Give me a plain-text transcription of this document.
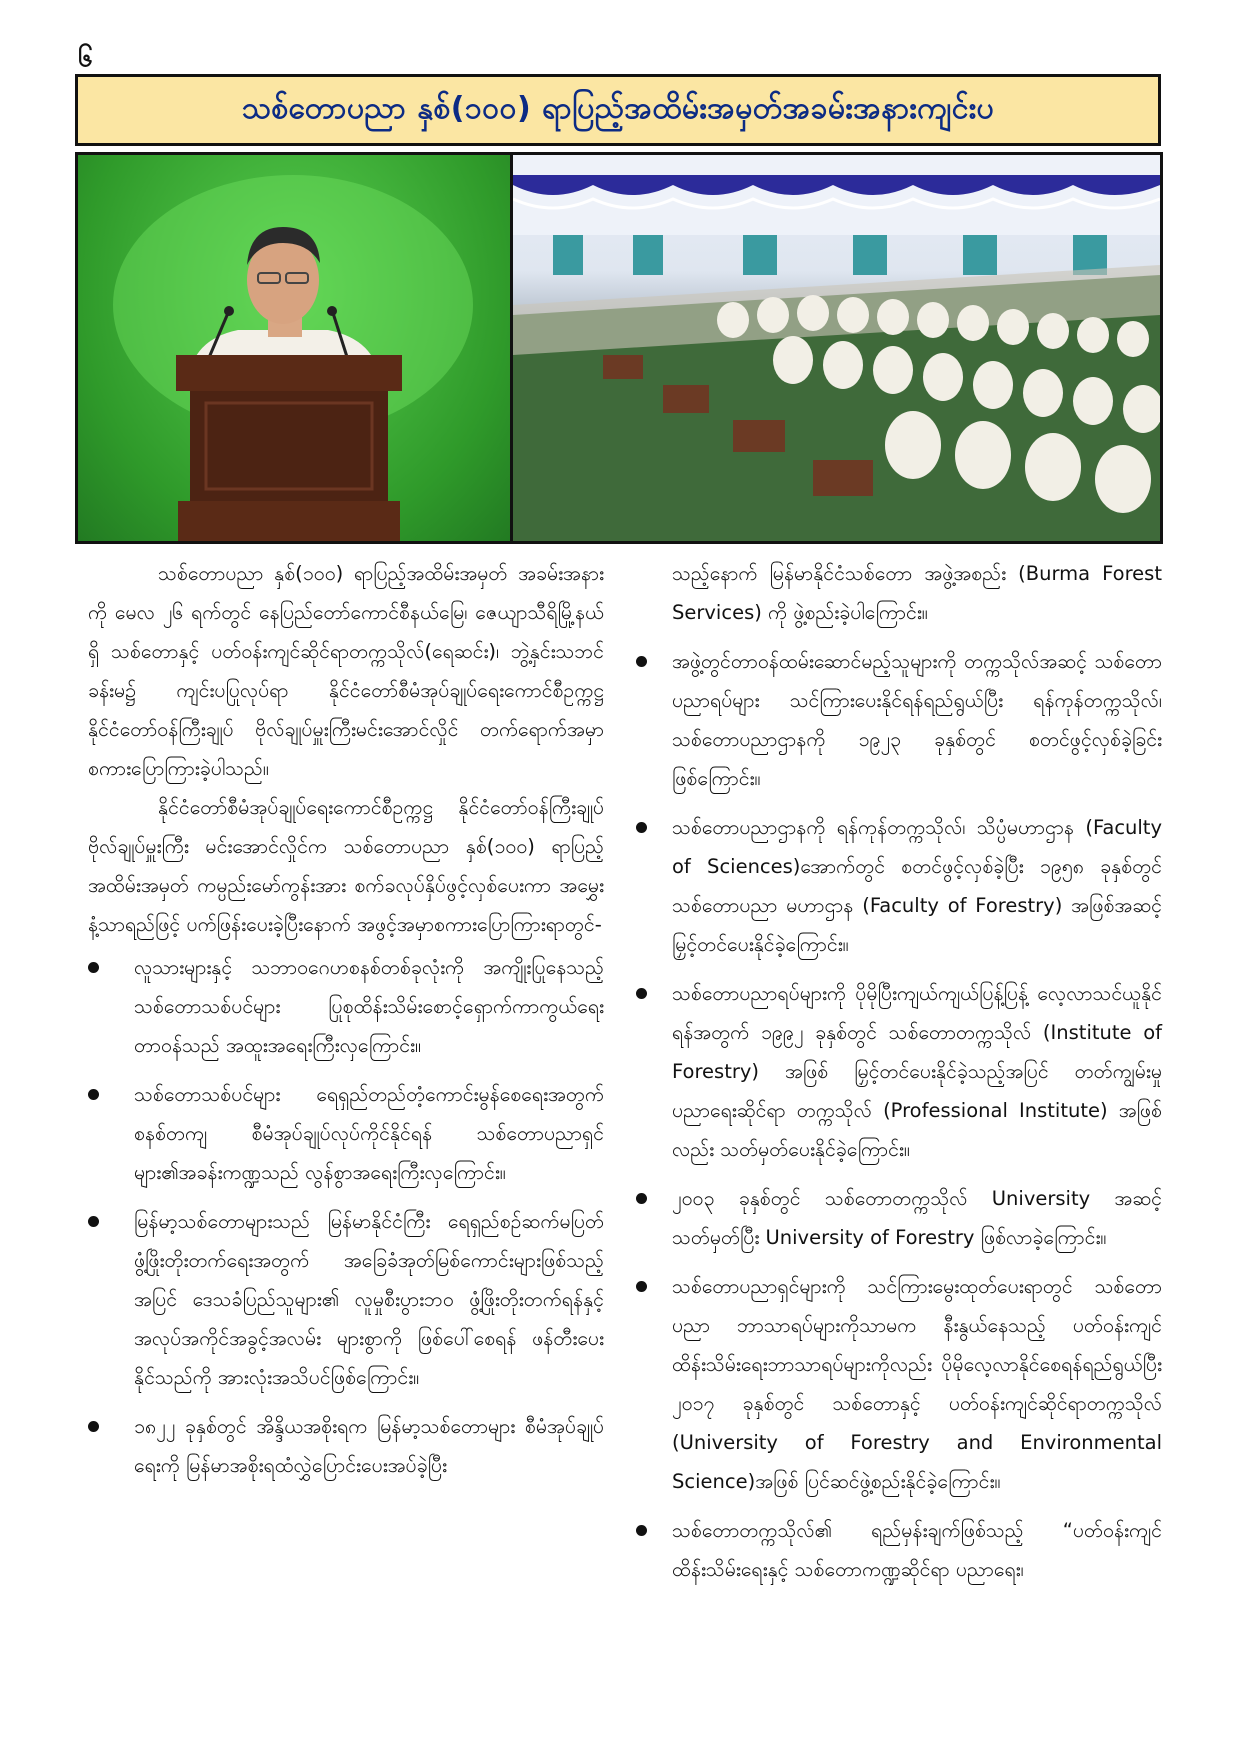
၆
သစ်တောပညာ နှစ်(၁၀၀) ရာပြည့်အထိမ်းအမှတ်အခမ်းအနားကျင်းပ

သစ်တောပညာ နှစ်(၁၀၀) ရာပြည့်အထိမ်းအမှတ် အခမ်းအနားကို မေလ ၂၆ ရက်တွင် နေပြည်တော်ကောင်စီနယ်မြေ၊ ဇေယျာသီရိမြို့နယ်ရှိ သစ်တောနှင့် ပတ်ဝန်းကျင်ဆိုင်ရာတက္ကသိုလ်(ရေဆင်း)၊ ဘွဲ့နှင်းသဘင်ခန်းမ၌ ကျင်းပပြုလုပ်ရာ နိုင်ငံတော်စီမံအုပ်ချုပ်ရေးကောင်စီဥက္ကဋ္ဌ နိုင်ငံတော်ဝန်ကြီးချုပ် ဗိုလ်ချုပ်မှူးကြီးမင်းအောင်လှိုင် တက်ရောက်အမှာစကားပြောကြားခဲ့ပါသည်။

နိုင်ငံတော်စီမံအုပ်ချုပ်ရေးကောင်စီဥက္ကဋ္ဌ နိုင်ငံတော်ဝန်ကြီးချုပ် ဗိုလ်ချုပ်မှူးကြီး မင်းအောင်လှိုင်က သစ်တောပညာ နှစ်(၁၀၀) ရာပြည့်အထိမ်းအမှတ် ကမ္ပည်းမော်ကွန်းအား စက်ခလုပ်နှိပ်ဖွင့်လှစ်ပေးကာ အမွှေးနံ့သာရည်ဖြင့် ပက်ဖြန်းပေးခဲ့ပြီးနောက် အဖွင့်အမှာစကားပြောကြားရာတွင်-

လူသားများနှင့် သဘာဝဂေဟစနစ်တစ်ခုလုံးကို အကျိုးပြုနေသည့် သစ်တောသစ်ပင်များ ပြုစုထိန်းသိမ်းစောင့်ရှောက်ကာကွယ်ရေးတာဝန်သည် အထူးအရေးကြီးလှကြောင်း။
သစ်တောသစ်ပင်များ ရေရှည်တည်တံ့ကောင်းမွန်စေရေးအတွက် စနစ်တကျ စီမံအုပ်ချုပ်လုပ်ကိုင်နိုင်ရန် သစ်တောပညာရှင်များ၏အခန်းကဏ္ဍသည် လွန်စွာအရေးကြီးလှကြောင်း။
မြန်မာ့သစ်တောများသည် မြန်မာနိုင်ငံကြီး ရေရှည်စဉ်ဆက်မပြတ် ဖွံ့ဖြိုးတိုးတက်ရေးအတွက် အခြေခံအုတ်မြစ်ကောင်းများဖြစ်သည့်အပြင် ဒေသခံပြည်သူများ၏ လူမှုစီးပွားဘဝ ဖွံ့ဖြိုးတိုးတက်ရန်နှင့် အလုပ်အကိုင်အခွင့်အလမ်း များစွာကို ဖြစ်ပေါ်စေရန် ဖန်တီးပေးနိုင်သည်ကို အားလုံးအသိပင်ဖြစ်ကြောင်း။
၁၈၂၂ ခုနှစ်တွင် အိန္ဒိယအစိုးရက မြန်မာ့သစ်တောများ စီမံအုပ်ချုပ်ရေးကို မြန်မာအစိုးရထံလွှဲပြောင်းပေးအပ်ခဲ့ပြီး

သည့်နောက် မြန်မာနိုင်ငံသစ်တော အဖွဲ့အစည်း (Burma Forest Services) ကို ဖွဲ့စည်းခဲ့ပါကြောင်း။

အဖွဲ့တွင်တာဝန်ထမ်းဆောင်မည့်သူများကို တက္ကသိုလ်အဆင့် သစ်တောပညာရပ်များ သင်ကြားပေးနိုင်ရန်ရည်ရွယ်ပြီး ရန်ကုန်တက္ကသိုလ်၊ သစ်တောပညာဌာနကို ၁၉၂၃ ခုနှစ်တွင် စတင်ဖွင့်လှစ်ခဲ့ခြင်းဖြစ်ကြောင်း။
သစ်တောပညာဌာနကို ရန်ကုန်တက္ကသိုလ်၊ သိပ္ပံမဟာဌာန (Faculty of Sciences)အောက်တွင် စတင်ဖွင့်လှစ်ခဲ့ပြီး ၁၉၅၈ ခုနှစ်တွင် သစ်တောပညာ မဟာဌာန (Faculty of Forestry) အဖြစ်အဆင့်မြှင့်တင်ပေးနိုင်ခဲ့ကြောင်း။
သစ်တောပညာရပ်များကို ပိုမိုပြီးကျယ်ကျယ်ပြန့်ပြန့် လေ့လာသင်ယူနိုင်ရန်အတွက် ၁၉၉၂ ခုနှစ်တွင် သစ်တောတက္ကသိုလ် (Institute of Forestry) အဖြစ် မြှင့်တင်ပေးနိုင်ခဲ့သည့်အပြင် တတ်ကျွမ်းမှုပညာရေးဆိုင်ရာ တက္ကသိုလ် (Professional Institute) အဖြစ်လည်း သတ်မှတ်ပေးနိုင်ခဲ့ကြောင်း။
၂၀၀၃ ခုနှစ်တွင် သစ်တောတက္ကသိုလ် University အဆင့် သတ်မှတ်ပြီး University of Forestry ဖြစ်လာခဲ့ကြောင်း။
သစ်တောပညာရှင်များကို သင်ကြားမွေးထုတ်ပေးရာတွင် သစ်တောပညာ ဘာသာရပ်များကိုသာမက နီးနွယ်နေသည့် ပတ်ဝန်းကျင်ထိန်းသိမ်းရေးဘာသာရပ်များကိုလည်း ပိုမိုလေ့လာနိုင်စေရန်ရည်ရွယ်ပြီး ၂၀၁၇ ခုနှစ်တွင် သစ်တောနှင့် ပတ်ဝန်းကျင်ဆိုင်ရာတက္ကသိုလ် (University of Forestry and Environmental Science)အဖြစ် ပြင်ဆင်ဖွဲ့စည်းနိုင်ခဲ့ကြောင်း။
သစ်တောတက္ကသိုလ်၏ ရည်မှန်းချက်ဖြစ်သည့် “ပတ်ဝန်းကျင်ထိန်းသိမ်းရေးနှင့် သစ်တောကဏ္ဍဆိုင်ရာ ပညာရေး၊
